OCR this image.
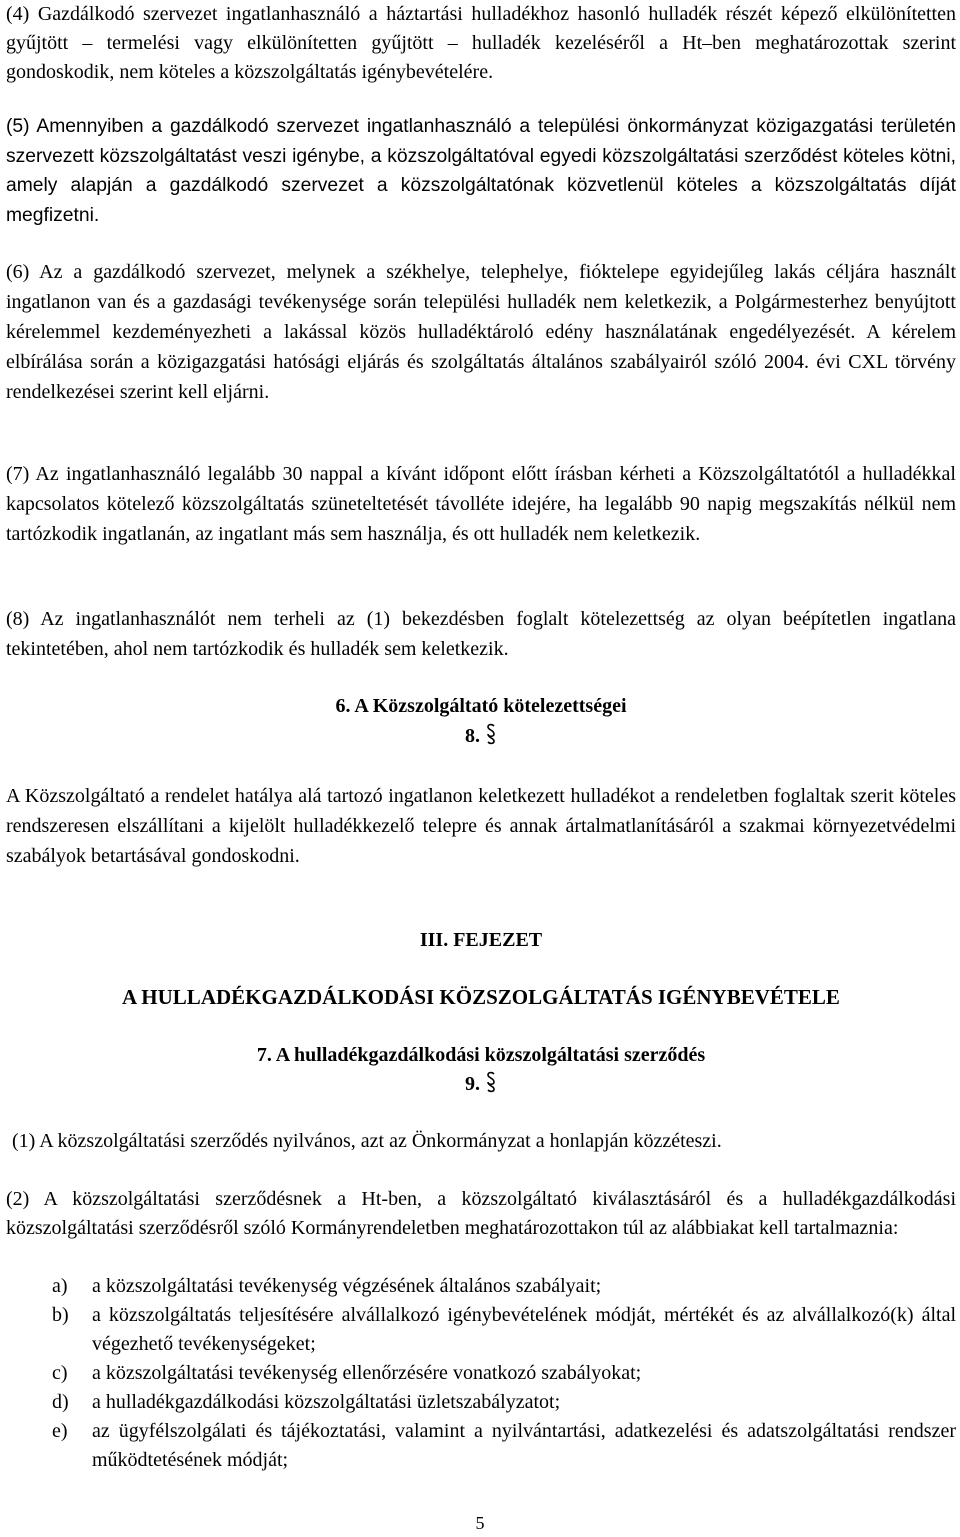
(4) Gazdálkodó szervezet ingatlanhasználó a háztartási hulladékhoz hasonló hulladék részét képező elkülönítetten gyűjtött – termelési vagy elkülönítetten gyűjtött – hulladék kezeléséről a Ht–ben meghatározottak szerint gondoskodik, nem köteles a közszolgáltatás igénybevételére.

(5) Amennyiben a gazdálkodó szervezet ingatlanhasználó a települési önkormányzat közigazgatási területén szervezett közszolgáltatást veszi igénybe, a közszolgáltatóval egyedi közszolgáltatási szerződést köteles kötni, amely alapján a gazdálkodó szervezet a közszolgáltatónak közvetlenül köteles a közszolgáltatás díját megfizetni.

(6) Az a gazdálkodó szervezet, melynek a székhelye, telephelye, fióktelepe egyidejűleg lakás céljára használt ingatlanon van és a gazdasági tevékenysége során települési hulladék nem keletkezik, a Polgármesterhez benyújtott kérelemmel kezdeményezheti a lakással közös hulladéktároló edény használatának engedélyezését. A kérelem elbírálása során a közigazgatási hatósági eljárás és szolgáltatás általános szabályairól szóló 2004. évi CXL törvény rendelkezései szerint kell eljárni.

(7) Az ingatlanhasználó legalább 30 nappal a kívánt időpont előtt írásban kérheti a Közszolgáltatótól a hulladékkal kapcsolatos kötelező közszolgáltatás szüneteltetését távolléte idejére, ha legalább 90 napig megszakítás nélkül nem tartózkodik ingatlanán, az ingatlant más sem használja, és ott hulladék nem keletkezik.

(8) Az ingatlanhasználót nem terheli az (1) bekezdésben foglalt kötelezettség az olyan beépítetlen ingatlana tekintetében, ahol nem tartózkodik és hulladék sem keletkezik.

6. A Közszolgáltató kötelezettségei

8.

A Közszolgáltató a rendelet hatálya alá tartozó ingatlanon keletkezett hulladékot a rendeletben foglaltak szerit köteles rendszeresen elszállítani a kijelölt hulladékkezelő telepre és annak ártalmatlanításáról a szakmai környezetvédelmi szabályok betartásával gondoskodni.

III. FEJEZET

A HULLADÉKGAZDÁLKODÁSI KÖZSZOLGÁLTATÁS IGÉNYBEVÉTELE

7. A hulladékgazdálkodási közszolgáltatási szerződés

9.

(1) A közszolgáltatási szerződés nyilvános, azt az Önkormányzat a honlapján közzéteszi.

(2) A közszolgáltatási szerződésnek a Ht-ben, a közszolgáltató kiválasztásáról és a hulladékgazdálkodási közszolgáltatási szerződésről szóló Kormányrendeletben meghatározottakon túl az alábbiakat kell tartalmaznia:

a)	a közszolgáltatási tevékenység végzésének általános szabályait;
b)	a közszolgáltatás teljesítésére alvállalkozó igénybevételének módját, mértékét és az alvállalkozó(k) által végezhető tevékenységeket;
c)	a közszolgáltatási tevékenység ellenőrzésére vonatkozó szabályokat;
d)	a hulladékgazdálkodási közszolgáltatási üzletszabályzatot;
e)	az ügyfélszolgálati és tájékoztatási, valamint a nyilvántartási, adatkezelési és adatszolgáltatási rendszer működtetésének módját;
5
